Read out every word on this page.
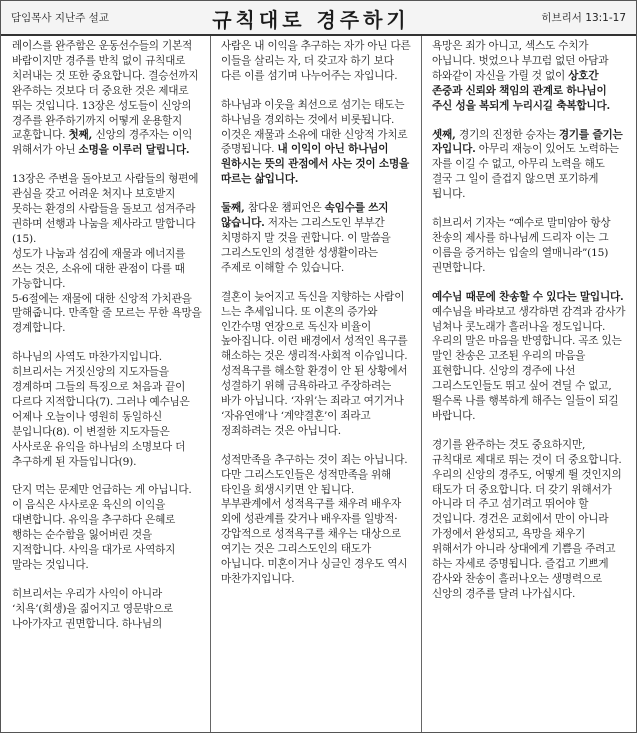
담임목사 지난주 설교	규칙대로 경주하기	히브리서 13:1-17

레이스를 완주함은 운동선수들의 기본적 바람이지만 경주를 반칙 없이 규칙대로 치러내는 것 또한 중요합니다. 결승선까지 완주하는 것보다 더 중요한 것은 제대로 뛰는 것입니다. 13장은 성도들이 신앙의 경주를 완주하기까지 어떻게 운용할지 교훈합니다. 첫째, 신앙의 경주자는 이익 위해서가 아닌 소명을 이루러 달립니다.

13장은 주변을 돌아보고 사람들의 형편에 관심을 갖고 어려운 처지나 보호받지 못하는 환경의 사람들을 돌보고 섬겨주라 권하며 선행과 나눔을 제사라고 말합니다(15).

성도가 나눔과 섬김에 재물과 에너지를 쓰는 것은, 소유에 대한 관점이 다를 때 가능합니다.

5-6절에는 재물에 대한 신앙적 가치관을 말해줍니다. 만족할 줄 모르는 무한 욕망을 경계합니다.

하나님의 사역도 마찬가지입니다. 히브리서는 거짓신앙의 지도자들을 경계하며 그들의 특징으로 처음과 끝이 다르다 지적합니다(7). 그러나 예수님은 어제나 오늘이나 영원히 동일하신 분입니다(8). 이 변절한 지도자들은 사사로운 유익을 하나님의 소명보다 더 추구하게 된 자들입니다(9).

단지 먹는 문제만 언급하는 게 아닙니다. 이 음식은 사사로운 육신의 이익을 대변합니다. 유익을 추구하다 은혜로 행하는 순수함을 잃어버린 것을 지적합니다. 사익을 대가로 사역하지 말라는 것입니다.

히브리서는 우리가 사익이 아니라 ‘치욕’(희생)을 짊어지고 영문밖으로 나아가자고 권면합니다. 하나님의

사람은 내 이익을 추구하는 자가 아닌 다른 이들을 살리는 자, 더 갖고자 하기 보다 다른 이를 섬기며 나누어주는 자입니다.

하나님과 이웃을 최선으로 섬기는 태도는 하나님을 경외하는 것에서 비롯됩니다. 이것은 재물과 소유에 대한 신앙적 가치로 증명됩니다. 내 이익이 아닌 하나님이 원하시는 뜻의 관점에서 사는 것이 소명을 따르는 삶입니다.

둘째, 참다운 챔피언은 속임수를 쓰지 않습니다. 저자는 그리스도인 부부간 치명하지 말 것을 권합니다. 이 말씀을 그리스도인의 성결한 성생활이라는 주제로 이해할 수 있습니다.

결혼이 늦어지고 독신을 지향하는 사람이 느는 추세입니다. 또 이혼의 증가와 인간수명 연장으로 독신자 비율이 높아집니다. 이런 배경에서 성적인 욕구를 해소하는 것은 생리적·사회적 이슈입니다. 성적욕구를 해소할 환경이 안 된 상황에서 성결하기 위해 금욕하라고 주장하려는 바가 아닙니다. ‘자위’는 죄라고 여기거나 ‘자유연애’나 ‘계약결혼’이 죄라고 정죄하려는 것은 아닙니다.

성적만족을 추구하는 것이 죄는 아닙니다. 다만 그리스도인들은 성적만족을 위해 타인을 희생시키면 안 됩니다. 부부관계에서 성적욕구를 채우려 배우자 외에 성관계를 갖거나 배우자를 일방적·강압적으로 성적욕구를 채우는 대상으로 여기는 것은 그리스도인의 태도가 아닙니다. 미혼이거나 싱글인 경우도 역시 마찬가지입니다.

욕망은 죄가 아니고, 섹스도 수치가 아닙니다. 벗었으나 부끄럼 없던 아담과 하와같이 자신을 가릴 것 없이 상호간 존중과 신뢰와 책임의 관계로 하나님이 주신 성을 복되게 누리시길 축복합니다.

셋째, 경기의 진정한 승자는 경기를 즐기는 자입니다. 아무리 재능이 있어도 노력하는 자를 이길 수 없고, 아무리 노력을 해도 결국 그 일이 즐겁지 않으면 포기하게 됩니다.

히브리서 기자는 “예수로 말미암아 항상 찬송의 제사를 하나님께 드리자 이는 그 이름을 증거하는 입술의 열매니라”(15) 권면합니다.

예수님 때문에 찬송할 수 있다는 말입니다. 예수님을 바라보고 생각하면 감격과 감사가 넘쳐나 콧노래가 흘러나올 정도입니다. 우리의 말은 마음을 반영합니다. 곡조 있는 말인 찬송은 고조된 우리의 마음을 표현합니다. 신앙의 경주에 나선 그리스도인들도 뛰고 싶어 견딜 수 없고, 뛸수록 나를 행복하게 해주는 일들이 되길 바랍니다.

경기를 완주하는 것도 중요하지만, 규칙대로 제대로 뛰는 것이 더 중요합니다. 우리의 신앙의 경주도, 어떻게 뛸 것인지의 태도가 더 중요합니다. 더 갖기 위해서가 아니라 더 주고 섬기려고 뛰어야 할 것입니다. 경건은 교회에서 만이 아니라 가정에서 완성되고, 욕망을 채우기 위해서가 아니라 상대에게 기쁨을 주려고 하는 자세로 증명됩니다. 즐겁고 기쁘게 감사와 찬송이 흘러나오는 생명력으로 신앙의 경주를 달려 나가십시다.
